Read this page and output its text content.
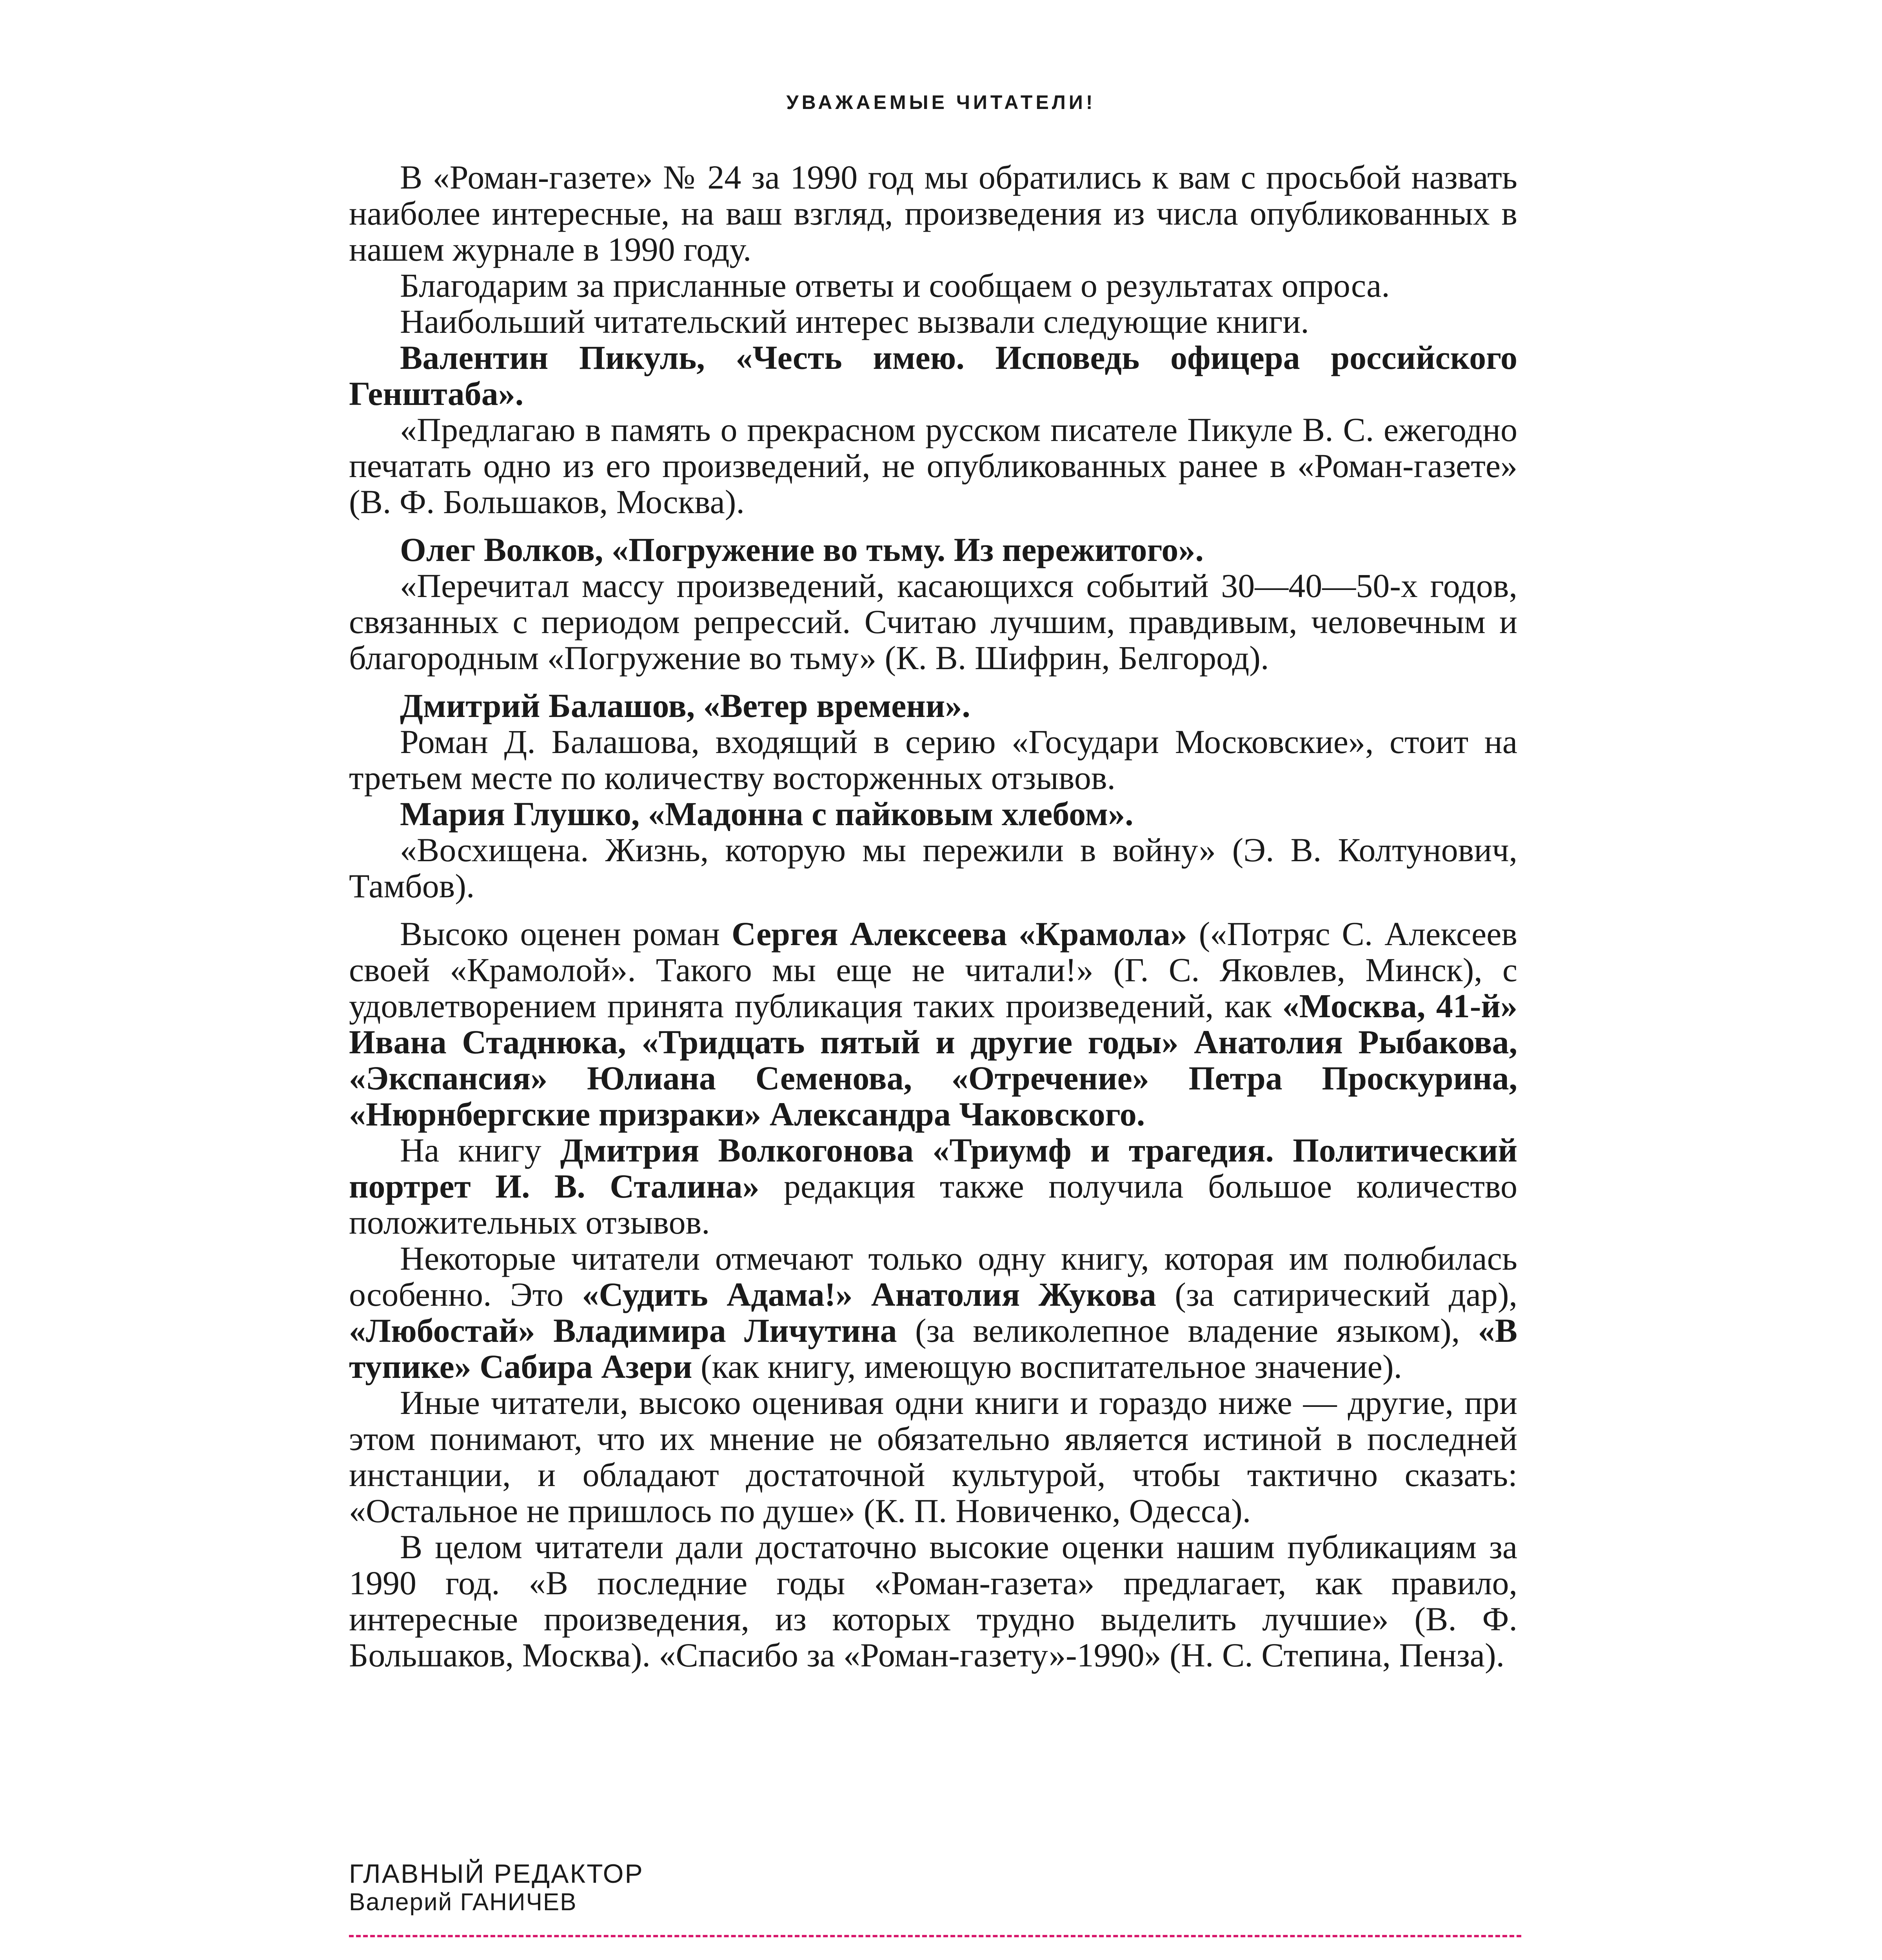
УВАЖАЕМЫЕ ЧИТАТЕЛИ!

В «Роман-газете» № 24 за 1990 год мы обратились к вам с просьбой назвать наиболее интересные, на ваш взгляд, произведения из числа опубликованных в нашем журнале в 1990 году.

Благодарим за присланные ответы и сообщаем о результатах опроса.

Наибольший читательский интерес вызвали следующие книги.

Валентин Пикуль, «Честь имею. Исповедь офицера российского Генштаба».

«Предлагаю в память о прекрасном русском писателе Пикуле В. С. ежегодно печатать одно из его произведений, не опубликованных ранее в «Роман-газете» (В. Ф. Большаков, Москва).

Олег Волков, «Погружение во тьму. Из пережитого».

«Перечитал массу произведений, касающихся событий 30—40—50-х годов, связанных с периодом репрессий. Считаю лучшим, правдивым, человечным и благородным «Погружение во тьму» (К. В. Шифрин, Белгород).

Дмитрий Балашов, «Ветер времени».

Роман Д. Балашова, входящий в серию «Государи Московские», стоит на третьем месте по количеству восторженных отзывов.

Мария Глушко, «Мадонна с пайковым хлебом».

«Восхищена. Жизнь, которую мы пережили в войну» (Э. В. Колтунович, Тамбов).

Высоко оценен роман Сергея Алексеева «Крамола» («Потряс С. Алексеев своей «Крамолой». Такого мы еще не читали!» (Г. С. Яковлев, Минск), с удовлетворением принята публикация таких произведений, как «Москва, 41-й» Ивана Стаднюка, «Тридцать пятый и другие годы» Анатолия Рыбакова, «Экспансия» Юлиана Семенова, «Отречение» Петра Проскурина, «Нюрнбергские призраки» Александра Чаковского.

На книгу Дмитрия Волкогонова «Триумф и трагедия. Политический портрет И. В. Сталина» редакция также получила большое количество положительных отзывов.

Некоторые читатели отмечают только одну книгу, которая им полюбилась особенно. Это «Судить Адама!» Анатолия Жукова (за сатирический дар), «Любостай» Владимира Личутина (за великолепное владение языком), «В тупике» Сабира Азери (как книгу, имеющую воспитательное значение).

Иные читатели, высоко оценивая одни книги и гораздо ниже — другие, при этом понимают, что их мнение не обязательно является истиной в последней инстанции, и обладают достаточной культурой, чтобы тактично сказать: «Остальное не пришлось по душе» (К. П. Новиченко, Одесса).

В целом читатели дали достаточно высокие оценки нашим публикациям за 1990 год. «В последние годы «Роман-газета» предлагает, как правило, интересные произведения, из которых трудно выделить лучшие» (В. Ф. Большаков, Москва). «Спасибо за «Роман-газету»-1990» (Н. С. Степина, Пенза).

ГЛАВНЫЙ РЕДАКТОР
Валерий ГАНИЧЕВ
